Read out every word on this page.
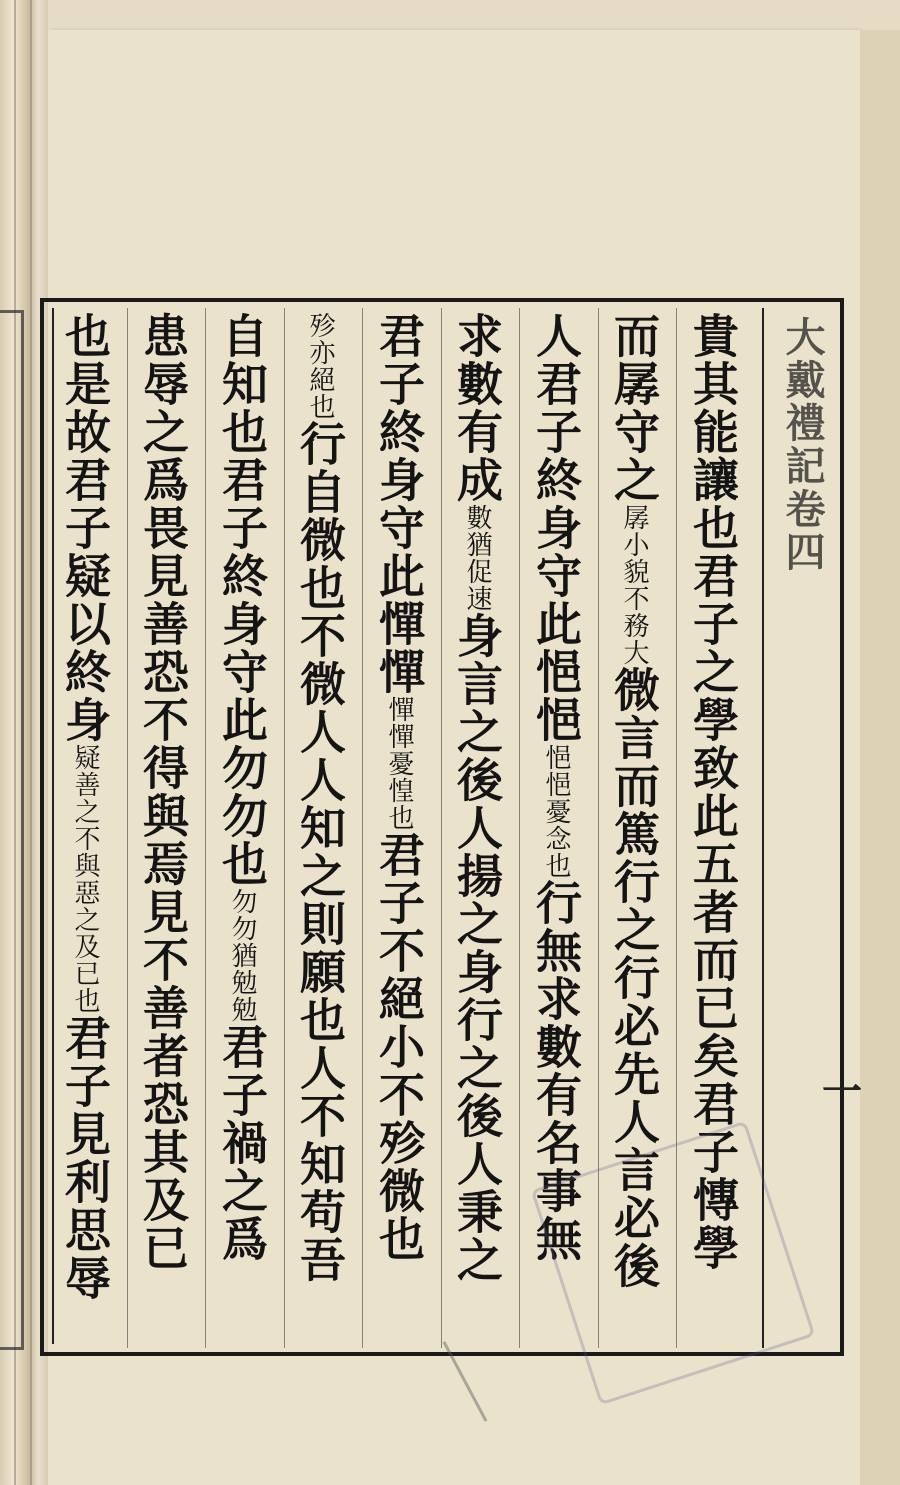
大戴禮記卷四
一
貴其能讓也君子之學致此五者而已矣君子慱學
而孱守之孱小貌不務大微言而篤行之行必先人言必後
人君子終身守此悒悒悒悒憂念也行無求數有名事無
求數有成數猶促速身言之後人揚之身行之後人秉之
君子終身守此憚憚憚憚憂惶也君子不絕小不殄微也
殄亦絕也行自微也不微人人知之則願也人不知苟吾
自知也君子終身守此勿勿也勿勿猶勉勉君子禍之爲
患辱之爲畏見善恐不得與焉見不善者恐其及已
也是故君子疑以終身疑善之不與惡之及已也君子見利思辱
